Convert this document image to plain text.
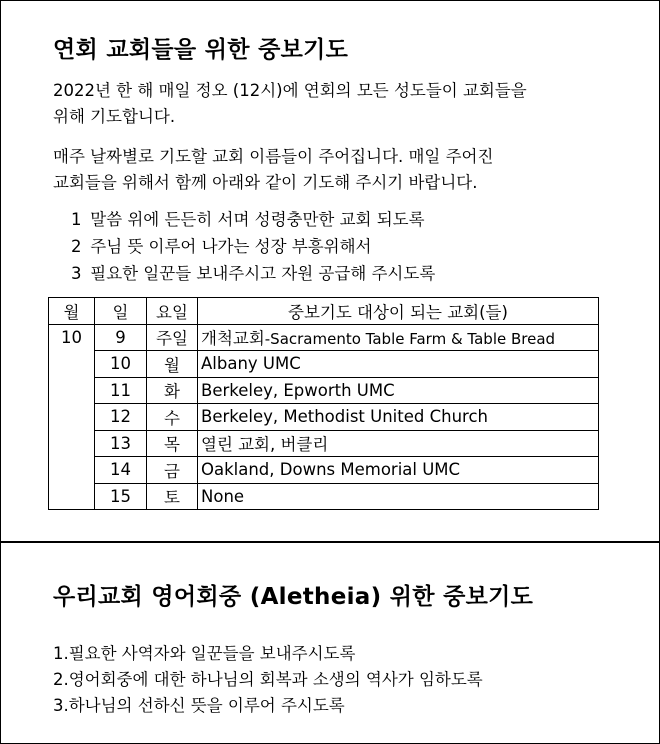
연회 교회들을 위한 중보기도
2022년 한 해 매일 정오 (12시)에 연회의 모든 성도들이 교회들을
위해 기도합니다.
매주 날짜별로 기도할 교회 이름들이 주어집니다. 매일 주어진
교회들을 위해서 함께 아래와 같이 기도해 주시기 바랍니다.
1 말씀 위에 든든히 서며 성령충만한 교회 되도록
2 주님 뜻 이루어 나가는 성장 부흥위해서
3 필요한 일꾼들 보내주시고 자원 공급해 주시도록
월	일	요일	중보기도 대상이 되는 교회(들)
10	9	주일	개척교회-Sacramento Table Farm & Table Bread
	10	월	Albany UMC
	11	화	Berkeley, Epworth UMC
	12	수	Berkeley, Methodist United Church
	13	목	열린 교회, 버클리
	14	금	Oakland, Downs Memorial UMC
	15	토	None
우리교회 영어회중 (Aletheia) 위한 중보기도
1.필요한 사역자와 일꾼들을 보내주시도록
2.영어회중에 대한 하나님의 회복과 소생의 역사가 임하도록
3.하나님의 선하신 뜻을 이루어 주시도록
